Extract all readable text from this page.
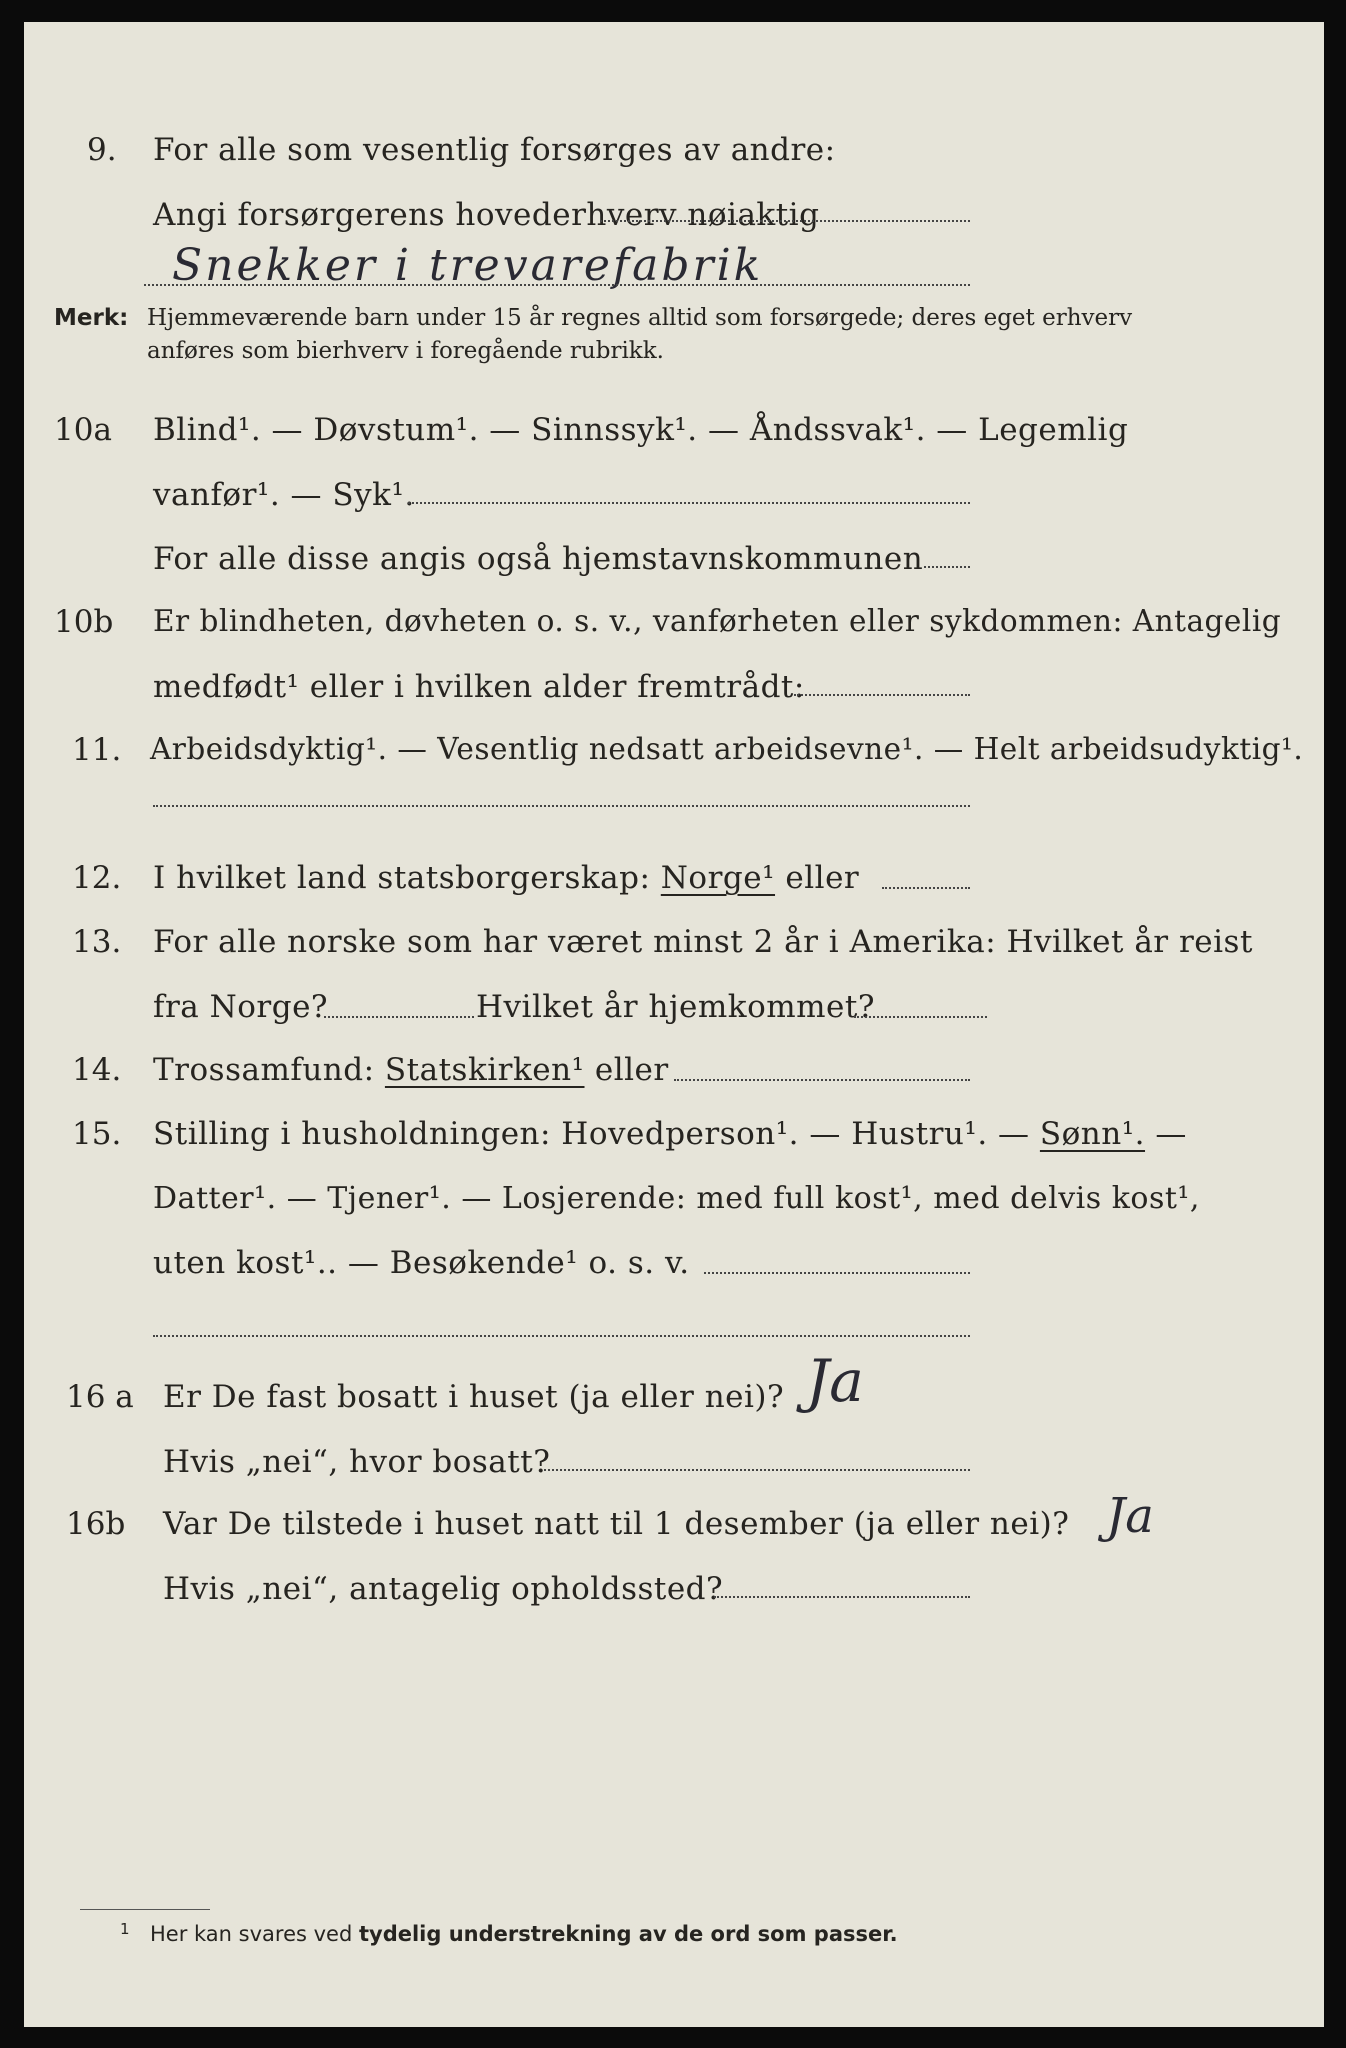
9. For alle som vesentlig forsørges av andre:
Angi forsørgerens hovederhverv nøiaktig
Snekker i trevarefabrik
Merk: Hjemmeværende barn under 15 år regnes alltid som forsørgede; deres eget erhverv
anføres som bierhverv i foregående rubrikk.
10a Blind¹. — Døvstum¹. — Sinnssyk¹. — Åndssvak¹. — Legemlig
vanfør¹. — Syk¹.
For alle disse angis også hjemstavnskommunen
10b Er blindheten, døvheten o. s. v., vanførheten eller sykdommen: Antagelig
medfødt¹ eller i hvilken alder fremtrådt:
11. Arbeidsdyktig¹. — Vesentlig nedsatt arbeidsevne¹. — Helt arbeidsudyktig¹.
12. I hvilket land statsborgerskap: Norge¹ eller
13. For alle norske som har været minst 2 år i Amerika: Hvilket år reist
fra Norge?	Hvilket år hjemkommet?
14. Trossamfund: Statskirken¹ eller
15. Stilling i husholdningen: Hovedperson¹. — Hustru¹. — Sønn¹. —
Datter¹. — Tjener¹. — Losjerende: med full kost¹, med delvis kost¹,
uten kost¹.. — Besøkende¹ o. s. v.
16 a Er De fast bosatt i huset (ja eller nei)? Ja
Hvis „nei“, hvor bosatt?
16b Var De tilstede i huset natt til 1 desember (ja eller nei)? Ja
Hvis „nei“, antagelig opholdssted?
1 Her kan svares ved tydelig understrekning av de ord som passer.
